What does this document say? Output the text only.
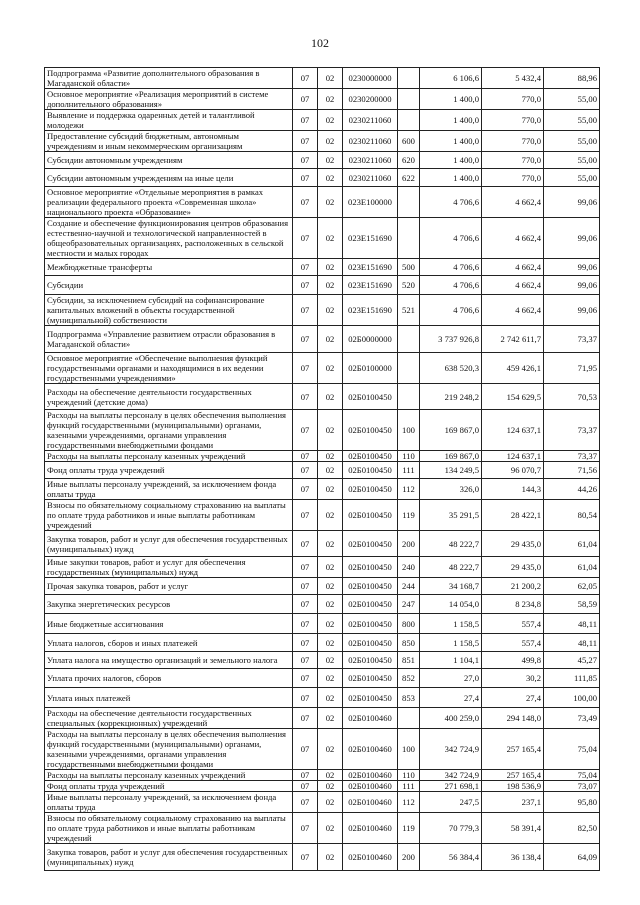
102
Подпрограмма «Развитие дополнительного образования в Магаданской области»	07	02	0230000000		6 106,6	5 432,4	88,96
Основное мероприятие «Реализация мероприятий в системе дополнительного образования»	07	02	0230200000		1 400,0	770,0	55,00
Выявление и поддержка одаренных детей и талантливой молодежи	07	02	0230211060		1 400,0	770,0	55,00
Предоставление субсидий бюджетным, автономным учреждениям и иным некоммерческим организациям	07	02	0230211060	600	1 400,0	770,0	55,00
Субсидии автономным учреждениям	07	02	0230211060	620	1 400,0	770,0	55,00
Субсидии автономным учреждениям на иные цели	07	02	0230211060	622	1 400,0	770,0	55,00
Основное мероприятие «Отдельные мероприятия в рамках реализации федерального проекта «Современная школа» национального проекта «Образование»	07	02	023E100000		4 706,6	4 662,4	99,06
Создание и обеспечение функционирования центров образования естественно-научной и технологической направленностей в общеобразовательных организациях, расположенных в сельской местности и малых городах	07	02	023E151690		4 706,6	4 662,4	99,06
Межбюджетные трансферты	07	02	023E151690	500	4 706,6	4 662,4	99,06
Субсидии	07	02	023E151690	520	4 706,6	4 662,4	99,06
Субсидии, за исключением субсидий на софинансирование капитальных вложений в объекты государственной (муниципальной) собственности	07	02	023E151690	521	4 706,6	4 662,4	99,06
Подпрограмма «Управление развитием отрасли образования в Магаданской области»	07	02	02Б0000000		3 737 926,8	2 742 611,7	73,37
Основное мероприятие «Обеспечение выполнения функций государственными органами и находящимися в их ведении государственными учреждениями»	07	02	02Б0100000		638 520,3	459 426,1	71,95
Расходы на обеспечение деятельности государственных учреждений (детские дома)	07	02	02Б0100450		219 248,2	154 629,5	70,53
Расходы на выплаты персоналу в целях обеспечения выполнения функций государственными (муниципальными) органами, казенными учреждениями, органами управления государственными внебюджетными фондами	07	02	02Б0100450	100	169 867,0	124 637,1	73,37
Расходы на выплаты персоналу казенных учреждений	07	02	02Б0100450	110	169 867,0	124 637,1	73,37
Фонд оплаты труда учреждений	07	02	02Б0100450	111	134 249,5	96 070,7	71,56
Иные выплаты персоналу учреждений, за исключением фонда оплаты труда	07	02	02Б0100450	112	326,0	144,3	44,26
Взносы по обязательному социальному страхованию на выплаты по оплате труда работников и иные выплаты работникам учреждений	07	02	02Б0100450	119	35 291,5	28 422,1	80,54
Закупка товаров, работ и услуг для обеспечения государственных (муниципальных) нужд	07	02	02Б0100450	200	48 222,7	29 435,0	61,04
Иные закупки товаров, работ и услуг для обеспечения государственных (муниципальных) нужд	07	02	02Б0100450	240	48 222,7	29 435,0	61,04
Прочая закупка товаров, работ и услуг	07	02	02Б0100450	244	34 168,7	21 200,2	62,05
Закупка энергетических ресурсов	07	02	02Б0100450	247	14 054,0	8 234,8	58,59
Иные бюджетные ассигнования	07	02	02Б0100450	800	1 158,5	557,4	48,11
Уплата налогов, сборов и иных платежей	07	02	02Б0100450	850	1 158,5	557,4	48,11
Уплата налога на имущество организаций и земельного налога	07	02	02Б0100450	851	1 104,1	499,8	45,27
Уплата прочих налогов, сборов	07	02	02Б0100450	852	27,0	30,2	111,85
Уплата иных платежей	07	02	02Б0100450	853	27,4	27,4	100,00
Расходы на обеспечение деятельности государственных специальных (коррекционных) учреждений	07	02	02Б0100460		400 259,0	294 148,0	73,49
Расходы на выплаты персоналу в целях обеспечения выполнения функций государственными (муниципальными) органами, казенными учреждениями, органами управления государственными внебюджетными фондами	07	02	02Б0100460	100	342 724,9	257 165,4	75,04
Расходы на выплаты персоналу казенных учреждений	07	02	02Б0100460	110	342 724,9	257 165,4	75,04
Фонд оплаты труда учреждений	07	02	02Б0100460	111	271 698,1	198 536,9	73,07
Иные выплаты персоналу учреждений, за исключением фонда оплаты труда	07	02	02Б0100460	112	247,5	237,1	95,80
Взносы по обязательному социальному страхованию на выплаты по оплате труда работников и иные выплаты работникам учреждений	07	02	02Б0100460	119	70 779,3	58 391,4	82,50
Закупка товаров, работ и услуг для обеспечения государственных (муниципальных) нужд	07	02	02Б0100460	200	56 384,4	36 138,4	64,09
